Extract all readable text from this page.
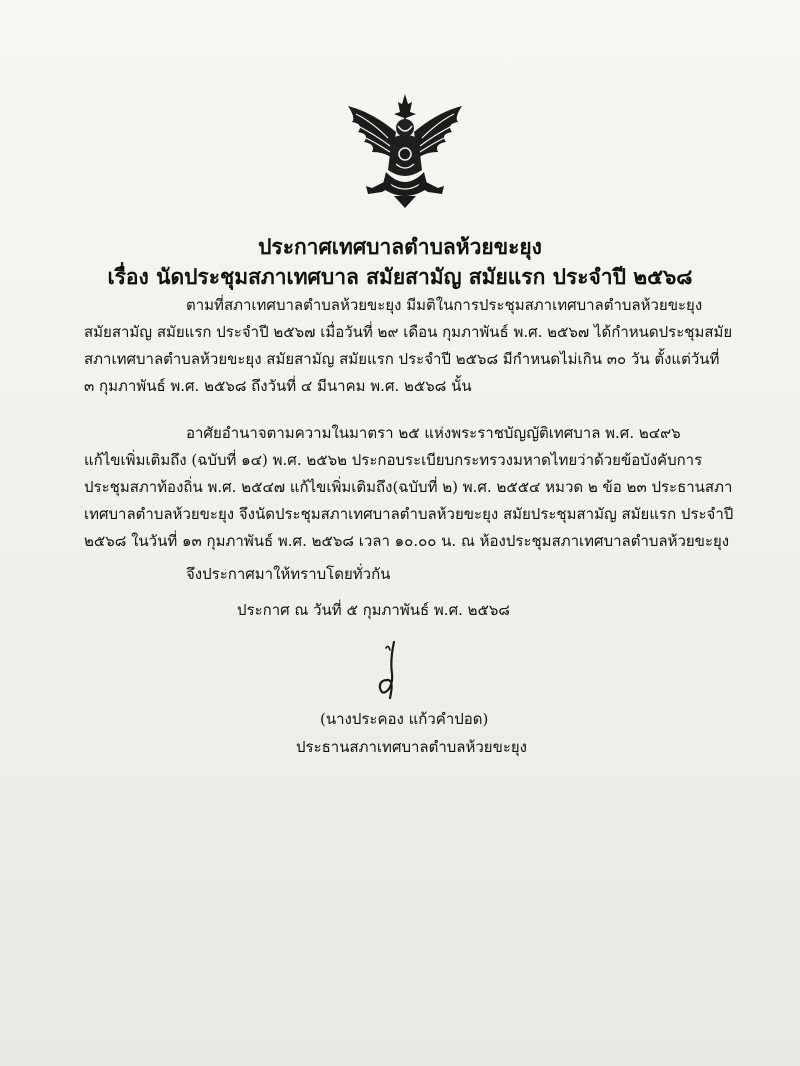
ประกาศเทศบาลตำบลห้วยขะยุง
เรื่อง นัดประชุมสภาเทศบาล สมัยสามัญ สมัยแรก ประจำปี ๒๕๖๘
ตามที่สภาเทศบาลตำบลห้วยขะยุง มีมติในการประชุมสภาเทศบาลตำบลห้วยขะยุง
สมัยสามัญ สมัยแรก ประจำปี ๒๕๖๗ เมื่อวันที่ ๒๙ เดือน กุมภาพันธ์ พ.ศ. ๒๕๖๗ ได้กำหนดประชุมสมัย
สภาเทศบาลตำบลห้วยขะยุง สมัยสามัญ สมัยแรก ประจำปี ๒๕๖๘ มีกำหนดไม่เกิน ๓๐ วัน ตั้งแต่วันที่
๓ กุมภาพันธ์ พ.ศ. ๒๕๖๘ ถึงวันที่ ๔ มีนาคม พ.ศ. ๒๕๖๘ นั้น
อาศัยอำนาจตามความในมาตรา ๒๕ แห่งพระราชบัญญัติเทศบาล พ.ศ. ๒๔๙๖
แก้ไขเพิ่มเติมถึง (ฉบับที่ ๑๔) พ.ศ. ๒๕๖๒ ประกอบระเบียบกระทรวงมหาดไทยว่าด้วยข้อบังคับการ
ประชุมสภาท้องถิ่น พ.ศ. ๒๕๔๗ แก้ไขเพิ่มเติมถึง(ฉบับที่ ๒) พ.ศ. ๒๕๕๔ หมวด ๒ ข้อ ๒๓ ประธานสภา
เทศบาลตำบลห้วยขะยุง จึงนัดประชุมสภาเทศบาลตำบลห้วยขะยุง สมัยประชุมสามัญ สมัยแรก ประจำปี
๒๕๖๘ ในวันที่ ๑๓ กุมภาพันธ์ พ.ศ. ๒๕๖๘ เวลา ๑๐.๐๐ น. ณ ห้องประชุมสภาเทศบาลตำบลห้วยขะยุง
จึงประกาศมาให้ทราบโดยทั่วกัน
ประกาศ ณ วันที่ ๕ กุมภาพันธ์ พ.ศ. ๒๕๖๘
(นางประคอง แก้วคำปอด)
ประธานสภาเทศบาลตำบลห้วยขะยุง
